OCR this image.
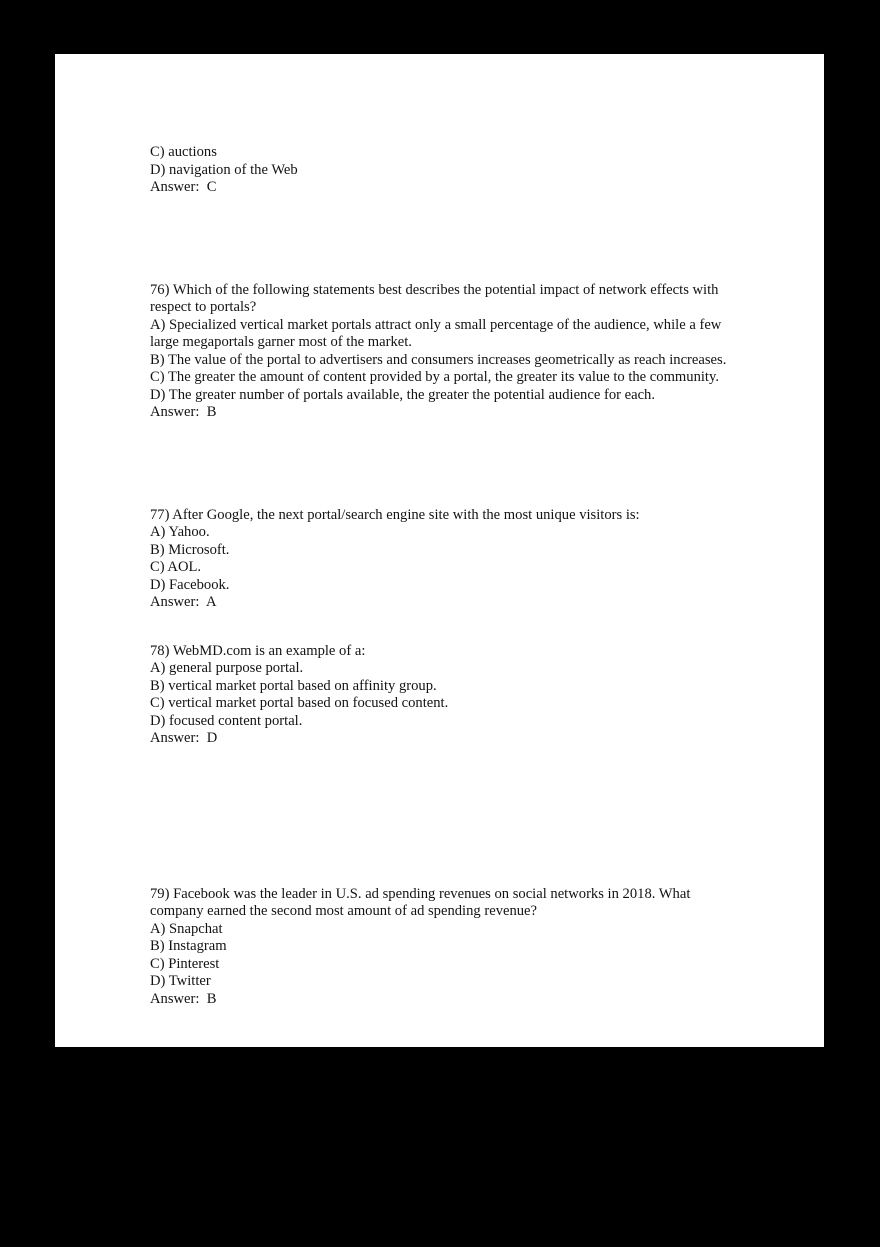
C) auctions

D) navigation of the Web

Answer:  C

76) Which of the following statements best describes the potential impact of network effects with respect to portals?

A) Specialized vertical market portals attract only a small percentage of the audience, while a few large megaportals garner most of the market.

B) The value of the portal to advertisers and consumers increases geometrically as reach increases.

C) The greater the amount of content provided by a portal, the greater its value to the community.

D) The greater number of portals available, the greater the potential audience for each.

Answer:  B

77) After Google, the next portal/search engine site with the most unique visitors is:

A) Yahoo.

B) Microsoft.

C) AOL.

D) Facebook.

Answer:  A

78) WebMD.com is an example of a:

A) general purpose portal.

B) vertical market portal based on affinity group.

C) vertical market portal based on focused content.

D) focused content portal.

Answer:  D

79) Facebook was the leader in U.S. ad spending revenues on social networks in 2018. What company earned the second most amount of ad spending revenue?

A) Snapchat

B) Instagram

C) Pinterest

D) Twitter

Answer:  B
